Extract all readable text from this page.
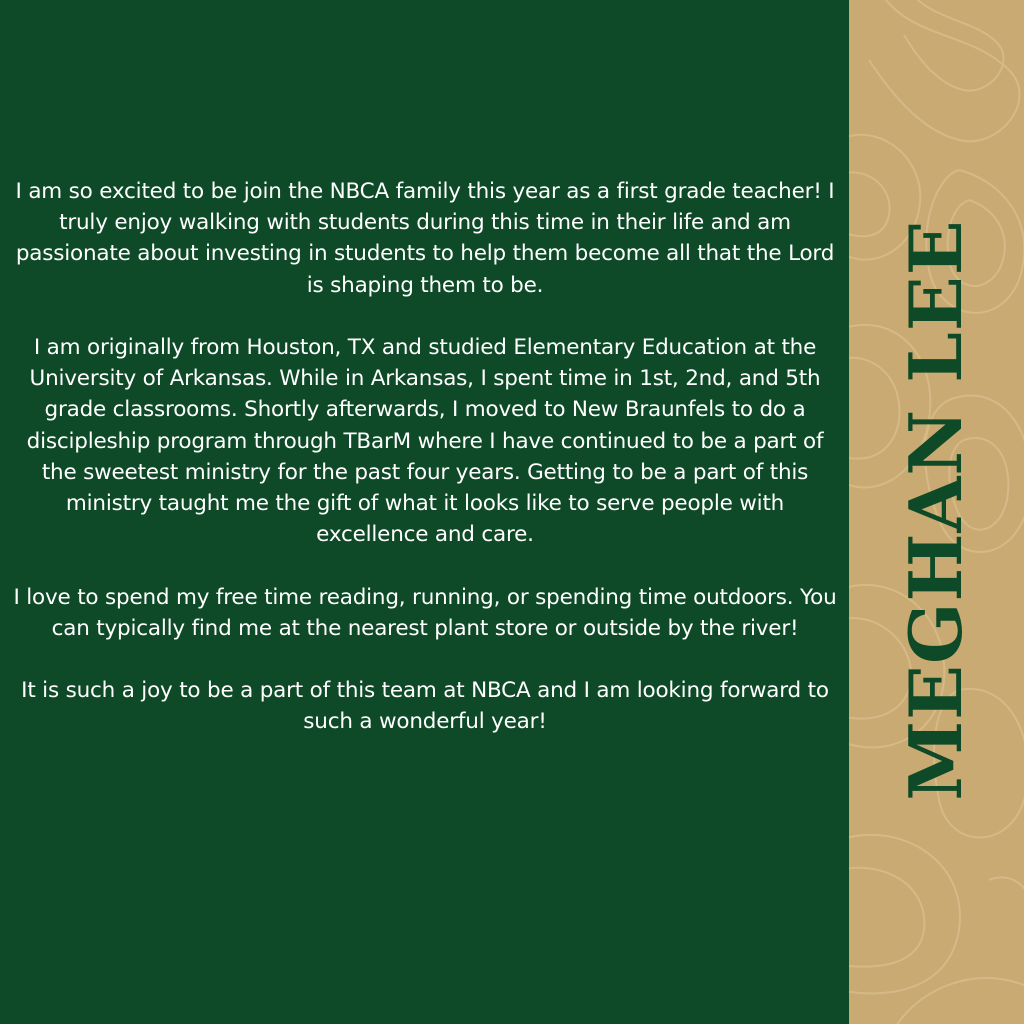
I am so excited to be join the NBCA family this year as a first grade teacher! I truly enjoy walking with students during this time in their life and am passionate about investing in students to help them become all that the Lord is shaping them to be.

I am originally from Houston, TX and studied Elementary Education at the University of Arkansas. While in Arkansas, I spent time in 1st, 2nd, and 5th grade classrooms. Shortly afterwards, I moved to New Braunfels to do a discipleship program through TBarM where I have continued to be a part of the sweetest ministry for the past four years. Getting to be a part of this ministry taught me the gift of what it looks like to serve people with excellence and care.

I love to spend my free time reading, running, or spending time outdoors. You can typically find me at the nearest plant store or outside by the river!

It is such a joy to be a part of this team at NBCA and I am looking forward to such a wonderful year!	MEGHAN LEE
